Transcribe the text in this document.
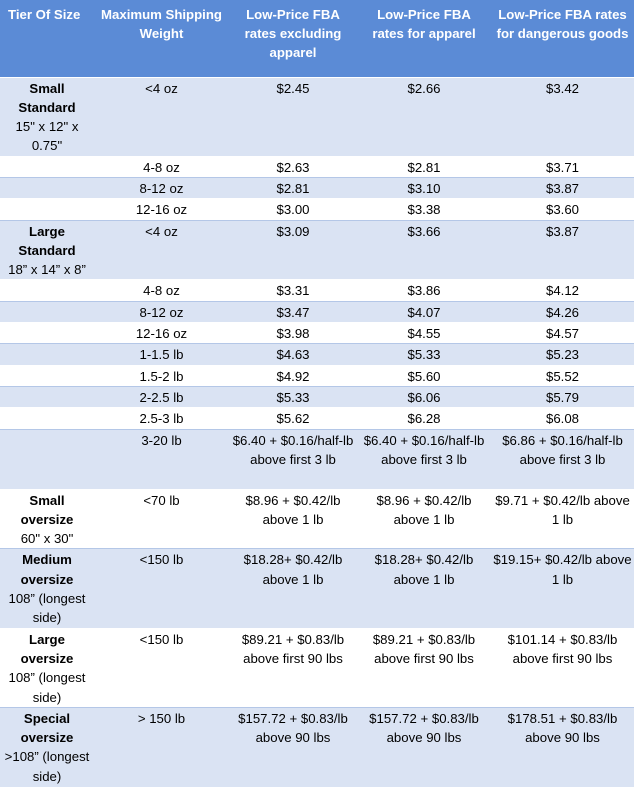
Tier Of Size	Maximum Shipping Weight	Low-Price FBA rates excluding apparel	Low-Price FBA rates for apparel	Low-Price FBA rates for dangerous goods

Small Standard
15" x 12" x 0.75"	<4 oz	$2.45	$2.66	$3.42
	4-8 oz	$2.63	$2.81	$3.71
	8-12 oz	$2.81	$3.10	$3.87
	12-16 oz	$3.00	$3.38	$3.60

Large Standard
18” x 14” x 8”	<4 oz	$3.09	$3.66	$3.87
	4-8 oz	$3.31	$3.86	$4.12
	8-12 oz	$3.47	$4.07	$4.26
	12-16 oz	$3.98	$4.55	$4.57
	1-1.5 lb	$4.63	$5.33	$5.23
	1.5-2 lb	$4.92	$5.60	$5.52
	2-2.5 lb	$5.33	$6.06	$5.79
	2.5-3 lb	$5.62	$6.28	$6.08
	3-20 lb	$6.40 + $0.16/half-lb above first 3 lb	$6.40 + $0.16/half-lb above first 3 lb	$6.86 + $0.16/half-lb above first 3 lb

Small oversize
60" x 30"	<70 lb	$8.96 + $0.42/lb above 1 lb	$8.96 + $0.42/lb above 1 lb	$9.71 + $0.42/lb above 1 lb

Medium oversize
108” (longest side)	<150 lb	$18.28+ $0.42/lb above 1 lb	$18.28+ $0.42/lb above 1 lb	$19.15+ $0.42/lb above 1 lb

Large oversize
108” (longest side)	<150 lb	$89.21 + $0.83/lb above first 90 lbs	$89.21 + $0.83/lb above first 90 lbs	$101.14 + $0.83/lb above first 90 lbs

Special oversize
>108” (longest side)	> 150 lb	$157.72 + $0.83/lb above 90 lbs	$157.72 + $0.83/lb above 90 lbs	$178.51 + $0.83/lb above 90 lbs
